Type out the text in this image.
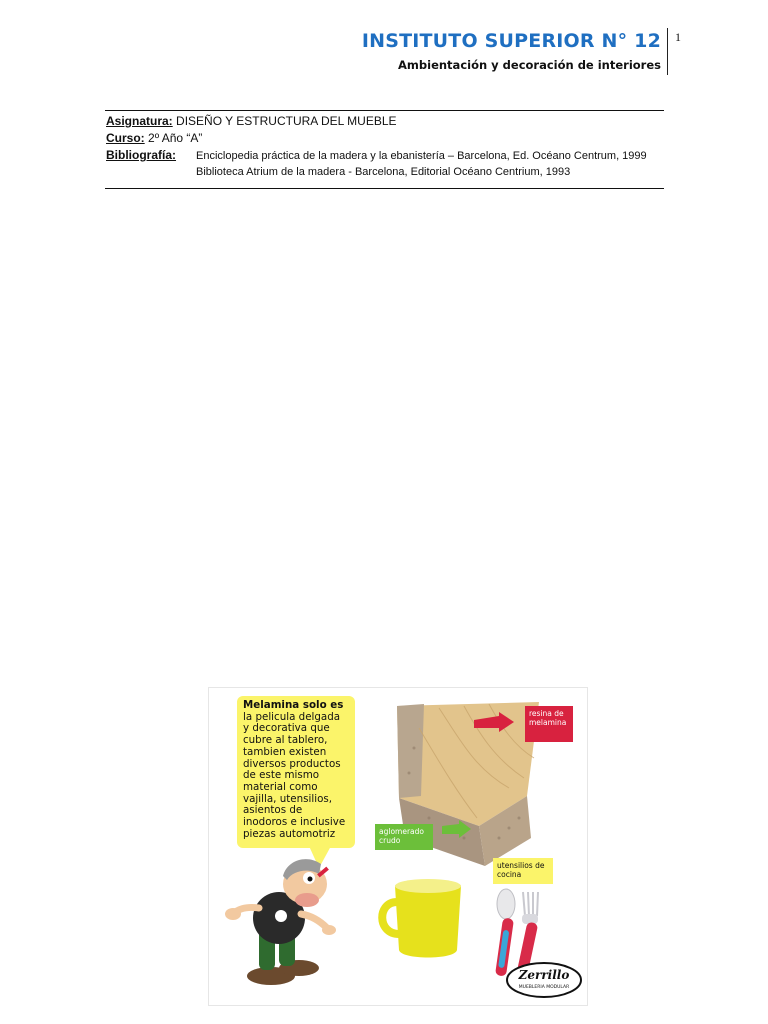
INSTITUTO SUPERIOR N° 12
Ambientación y decoración de interiores
1
Asignatura: DISEÑO Y ESTRUCTURA DEL MUEBLE
Curso: 2º Año “A”
Bibliografía: Enciclopedia práctica de la madera y la ebanistería – Barcelona, Ed. Océano Centrum, 1999
Biblioteca Atrium de la madera - Barcelona, Editorial Océano Centrium, 1993
Melamina solo es la pelicula delgada y decorativa que cubre al tablero, tambien existen diversos productos de este mismo material como vajilla, utensilios, asientos de inodoros e inclusive piezas automotriz
resina de melamina
aglomerado crudo
utensilios de cocina
Zerrillo
MUEBLERIA MODULAR
